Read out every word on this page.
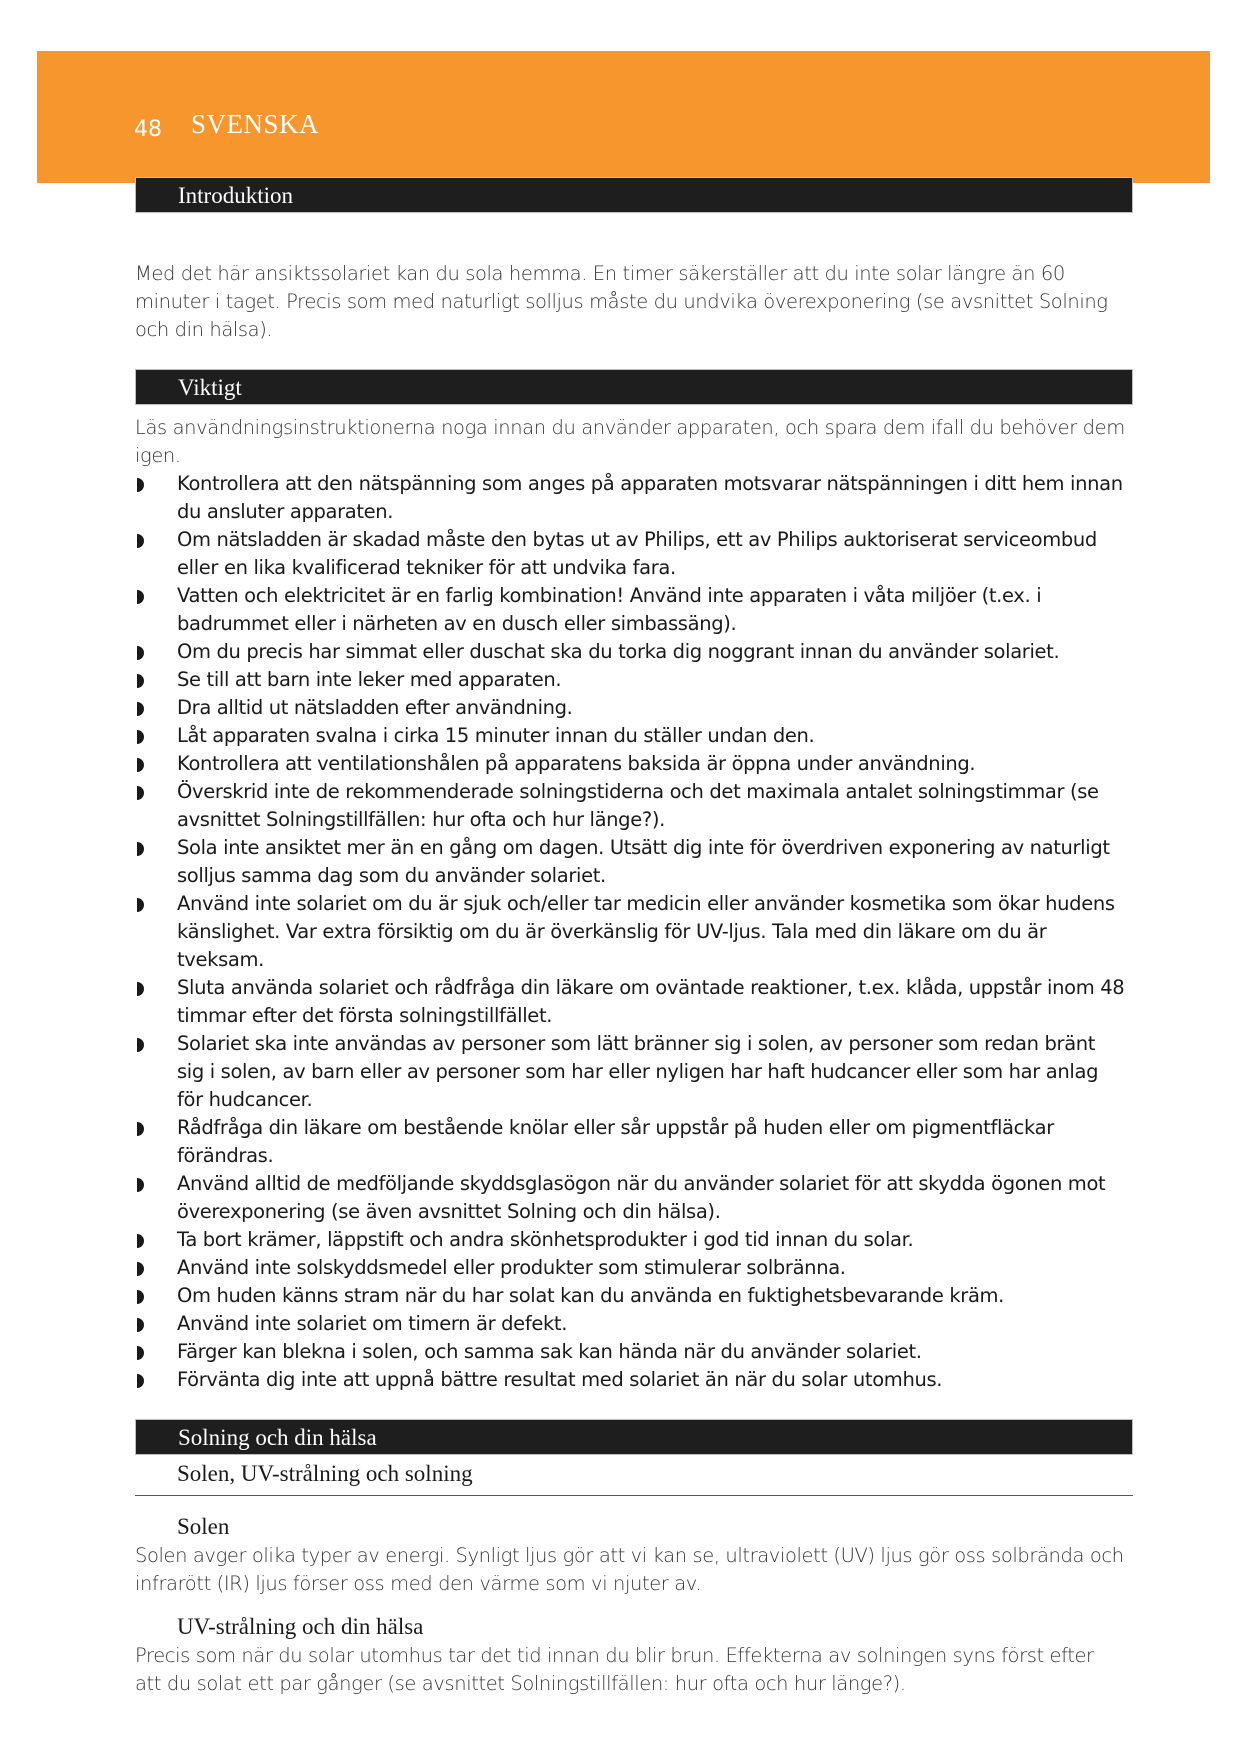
48 SVENSKA
Introduktion

Med det här ansiktssolariet kan du sola hemma. En timer säkerställer att du inte solar längre än 60 minuter i taget. Precis som med naturligt solljus måste du undvika överexponering (se avsnittet Solning och din hälsa).

Viktigt

Läs användningsinstruktionerna noga innan du använder apparaten, och spara dem ifall du behöver dem igen.

Kontrollera att den nätspänning som anges på apparaten motsvarar nätspänningen i ditt hem innan du ansluter apparaten.
Om nätsladden är skadad måste den bytas ut av Philips, ett av Philips auktoriserat serviceombud eller en lika kvalificerad tekniker för att undvika fara.
Vatten och elektricitet är en farlig kombination! Använd inte apparaten i våta miljöer (t.ex. i badrummet eller i närheten av en dusch eller simbassäng).
Om du precis har simmat eller duschat ska du torka dig noggrant innan du använder solariet.
Se till att barn inte leker med apparaten.
Dra alltid ut nätsladden efter användning.
Låt apparaten svalna i cirka 15 minuter innan du ställer undan den.
Kontrollera att ventilationshålen på apparatens baksida är öppna under användning.
Överskrid inte de rekommenderade solningstiderna och det maximala antalet solningstimmar (se avsnittet Solningstillfällen: hur ofta och hur länge?).
Sola inte ansiktet mer än en gång om dagen. Utsätt dig inte för överdriven exponering av naturligt solljus samma dag som du använder solariet.
Använd inte solariet om du är sjuk och/eller tar medicin eller använder kosmetika som ökar hudens känslighet. Var extra försiktig om du är överkänslig för UV-ljus. Tala med din läkare om du är tveksam.
Sluta använda solariet och rådfråga din läkare om oväntade reaktioner, t.ex. klåda, uppstår inom 48 timmar efter det första solningstillfället.
Solariet ska inte användas av personer som lätt bränner sig i solen, av personer som redan bränt sig i solen, av barn eller av personer som har eller nyligen har haft hudcancer eller som har anlag för hudcancer.
Rådfråga din läkare om bestående knölar eller sår uppstår på huden eller om pigmentfläckar förändras.
Använd alltid de medföljande skyddsglasögon när du använder solariet för att skydda ögonen mot överexponering (se även avsnittet Solning och din hälsa).
Ta bort krämer, läppstift och andra skönhetsprodukter i god tid innan du solar.
Använd inte solskyddsmedel eller produkter som stimulerar solbränna.
Om huden känns stram när du har solat kan du använda en fuktighetsbevarande kräm.
Använd inte solariet om timern är defekt.
Färger kan blekna i solen, och samma sak kan hända när du använder solariet.
Förvänta dig inte att uppnå bättre resultat med solariet än när du solar utomhus.
Solning och din hälsa
Solen, UV-strålning och solning
Solen

Solen avger olika typer av energi. Synligt ljus gör att vi kan se, ultraviolett (UV) ljus gör oss solbrända och infrarött (IR) ljus förser oss med den värme som vi njuter av.

UV-strålning och din hälsa

Precis som när du solar utomhus tar det tid innan du blir brun. Effekterna av solningen syns först efter att du solat ett par gånger (se avsnittet Solningstillfällen: hur ofta och hur länge?).
